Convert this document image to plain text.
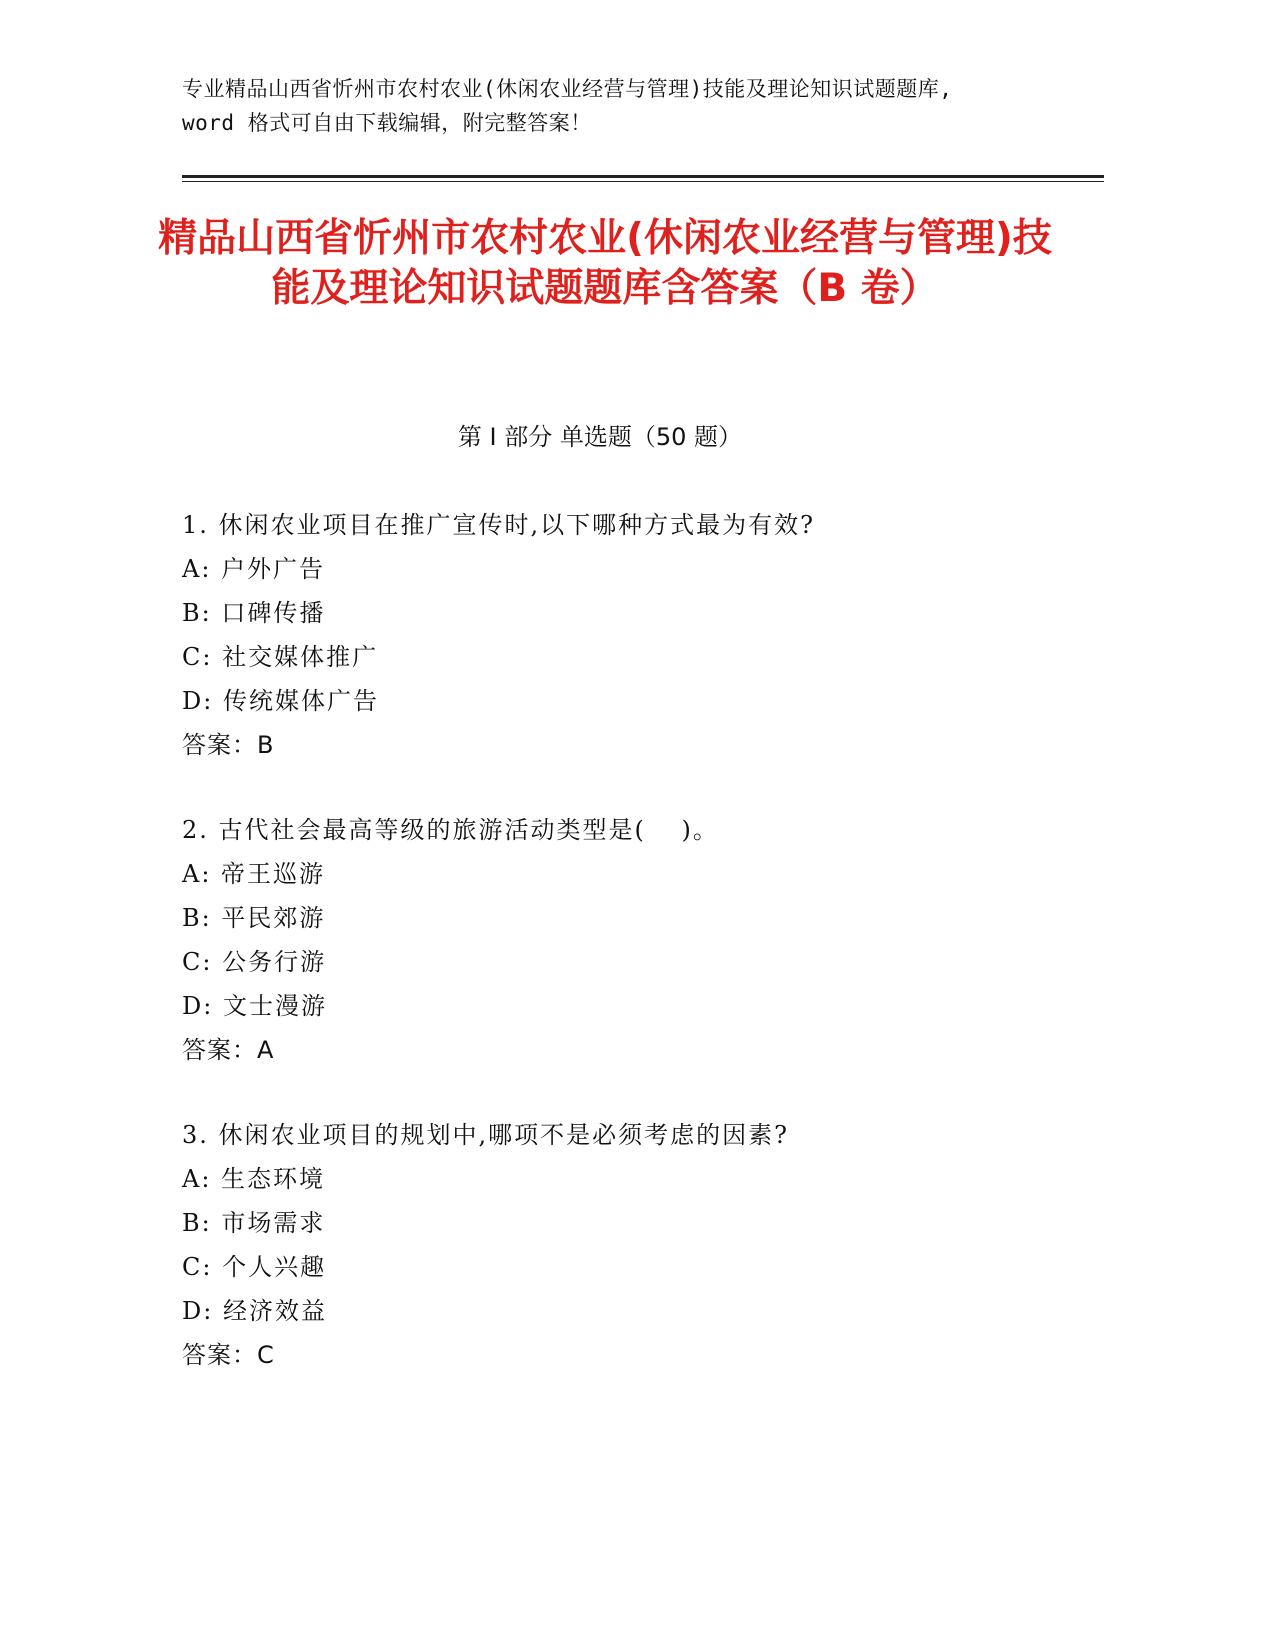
专业精品山西省忻州市农村农业(休闲农业经营与管理)技能及理论知识试题题库,
word 格式可自由下载编辑，附完整答案！
精品山西省忻州市农村农业(休闲农业经营与管理)技能及理论知识试题题库含答案（B 卷）
第 I 部分 单选题（50 题）
1. 休闲农业项目在推广宣传时,以下哪种方式最为有效?
A: 户外广告
B: 口碑传播
C: 社交媒体推广
D: 传统媒体广告
答案：B
2. 古代社会最高等级的旅游活动类型是(　 )。
A: 帝王巡游
B: 平民郊游
C: 公务行游
D: 文士漫游
答案：A
3. 休闲农业项目的规划中,哪项不是必须考虑的因素?
A: 生态环境
B: 市场需求
C: 个人兴趣
D: 经济效益
答案：C
